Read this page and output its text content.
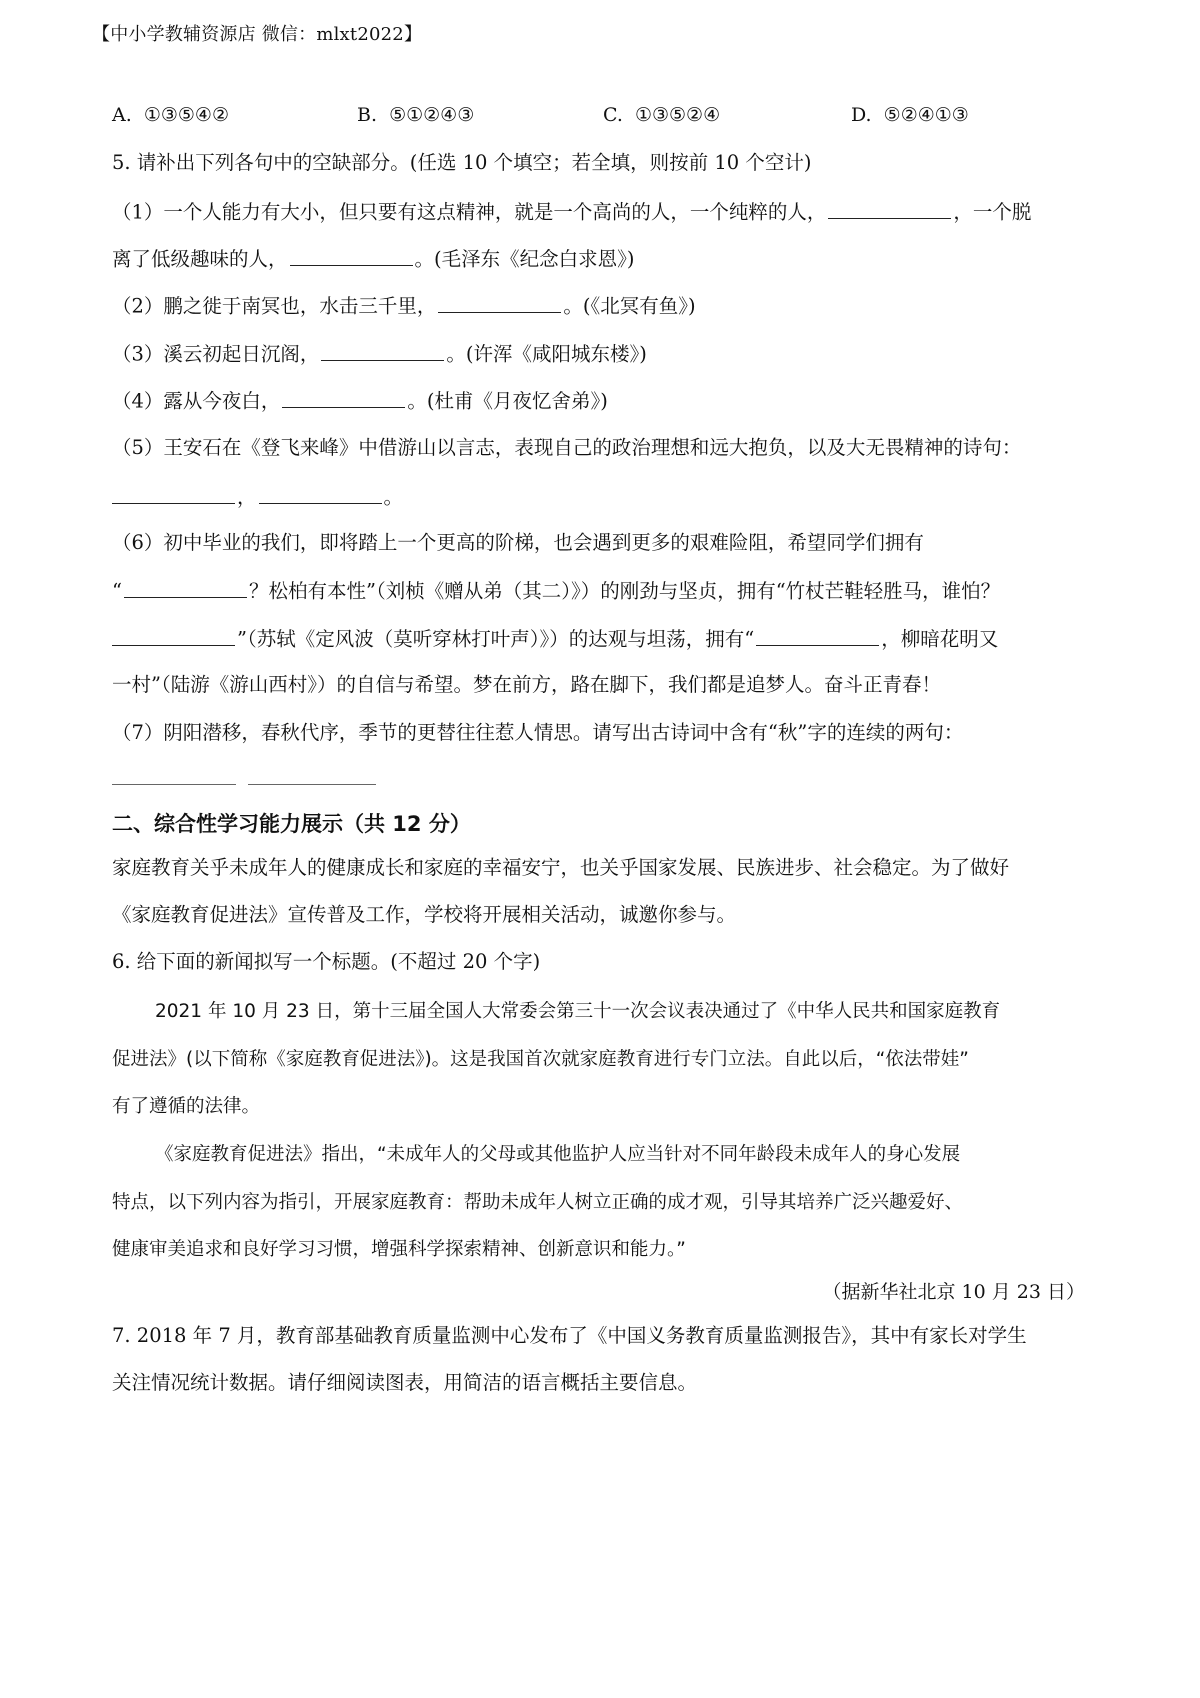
【中小学教辅资源店 微信：mlxt2022】
A. ①③⑤④②	B. ⑤①②④③	C. ①③⑤②④	D. ⑤②④①③
5. 请补出下列各句中的空缺部分。(任选 10 个填空；若全填，则按前 10 个空计)
（1）一个人能力有大小，但只要有这点精神，就是一个高尚的人，一个纯粹的人，	，一个脱
离了低级趣味的人，	。(毛泽东《纪念白求恩》)
（2）鹏之徙于南冥也，水击三千里，	。(《北冥有鱼》)
（3）溪云初起日沉阁，	。(许浑《咸阳城东楼》)
（4）露从今夜白，	。(杜甫《月夜忆舍弟》)
（5）王安石在《登飞来峰》中借游山以言志，表现自己的政治理想和远大抱负，以及大无畏精神的诗句：
，	。
（6）初中毕业的我们，即将踏上一个更高的阶梯，也会遇到更多的艰难险阻，希望同学们拥有
“	？松柏有本性”（刘桢《赠从弟（其二）》）的刚劲与坚贞，拥有“竹杖芒鞋轻胜马，谁怕？
”（苏轼《定风波（莫听穿林打叶声）》）的达观与坦荡，拥有“	，柳暗花明又
一村”（陆游《游山西村》）的自信与希望。梦在前方，路在脚下，我们都是追梦人。奋斗正青春！
（7）阴阳潜移，春秋代序，季节的更替往往惹人情思。请写出古诗词中含有“秋”字的连续的两句：
二、综合性学习能力展示（共 12 分）
家庭教育关乎未成年人的健康成长和家庭的幸福安宁，也关乎国家发展、民族进步、社会稳定。为了做好
《家庭教育促进法》宣传普及工作，学校将开展相关活动，诚邀你参与。
6. 给下面的新闻拟写一个标题。(不超过 20 个字)
2021 年 10 月 23 日，第十三届全国人大常委会第三十一次会议表决通过了《中华人民共和国家庭教育
促进法》(以下简称《家庭教育促进法》)。这是我国首次就家庭教育进行专门立法。自此以后，“依法带娃”
有了遵循的法律。
《家庭教育促进法》指出，“未成年人的父母或其他监护人应当针对不同年龄段未成年人的身心发展
特点，以下列内容为指引，开展家庭教育：帮助未成年人树立正确的成才观，引导其培养广泛兴趣爱好、
健康审美追求和良好学习习惯，增强科学探索精神、创新意识和能力。”
（据新华社北京 10 月 23 日）
7. 2018 年 7 月，教育部基础教育质量监测中心发布了《中国义务教育质量监测报告》，其中有家长对学生
关注情况统计数据。请仔细阅读图表，用简洁的语言概括主要信息。
